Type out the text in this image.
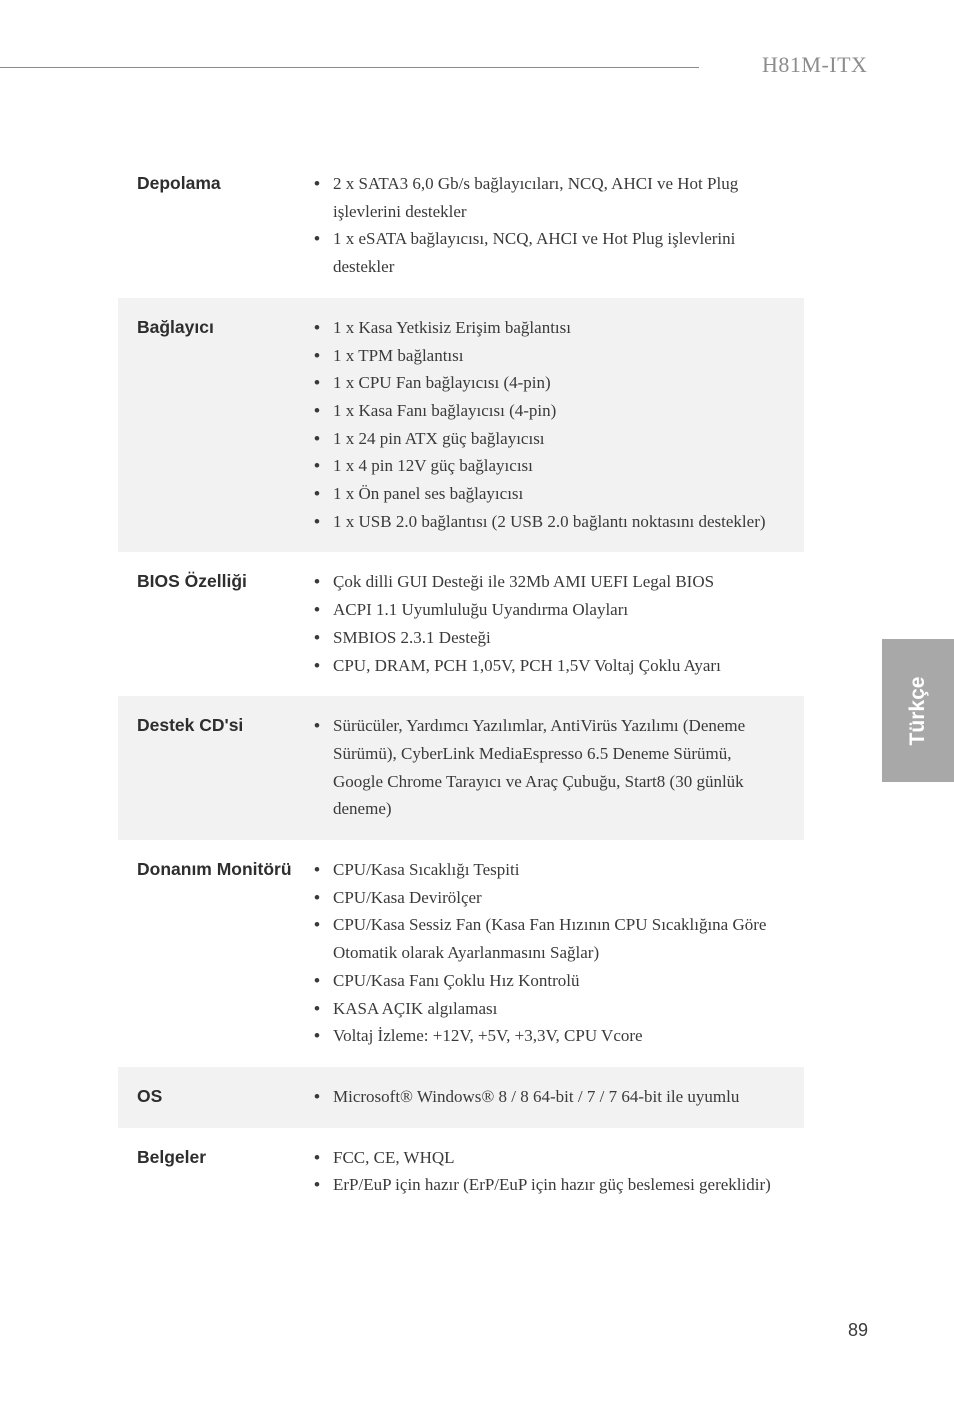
H81M-ITX
Depolama	• 2 x SATA3 6,0 Gb/s bağlayıcıları, NCQ, AHCI ve Hot Plug işlevlerini destekler
• 1 x eSATA bağlayıcısı, NCQ, AHCI ve Hot Plug işlevlerini destekler
Bağlayıcı	• 1 x Kasa Yetkisiz Erişim bağlantısı
• 1 x TPM bağlantısı
• 1 x CPU Fan bağlayıcısı (4-pin)
• 1 x Kasa Fanı bağlayıcısı (4-pin)
• 1 x 24 pin ATX güç bağlayıcısı
• 1 x 4 pin 12V güç bağlayıcısı
• 1 x Ön panel ses bağlayıcısı
• 1 x USB 2.0 bağlantısı (2 USB 2.0 bağlantı noktasını destekler)
BIOS Özelliği	• Çok dilli GUI Desteği ile 32Mb AMI UEFI Legal BIOS
• ACPI 1.1 Uyumluluğu Uyandırma Olayları
• SMBIOS 2.3.1 Desteği
• CPU, DRAM, PCH 1,05V, PCH 1,5V Voltaj Çoklu Ayarı
Destek CD'si	• Sürücüler, Yardımcı Yazılımlar, AntiVirüs Yazılımı (Deneme Sürümü), CyberLink MediaEspresso 6.5 Deneme Sürümü, Google Chrome Tarayıcı ve Araç Çubuğu, Start8 (30 günlük deneme)
Donanım Monitörü	• CPU/Kasa Sıcaklığı Tespiti
• CPU/Kasa Devirölçer
• CPU/Kasa Sessiz Fan (Kasa Fan Hızının CPU Sıcaklığına Göre Otomatik olarak Ayarlanmasını Sağlar)
• CPU/Kasa Fanı Çoklu Hız Kontrolü
• KASA AÇIK algılaması
• Voltaj İzleme: +12V, +5V, +3,3V, CPU Vcore
OS	• Microsoft® Windows® 8 / 8 64-bit / 7 / 7 64-bit ile uyumlu
Belgeler	• FCC, CE, WHQL
• ErP/EuP için hazır (ErP/EuP için hazır güç beslemesi gereklidir)
Türkçe
89
